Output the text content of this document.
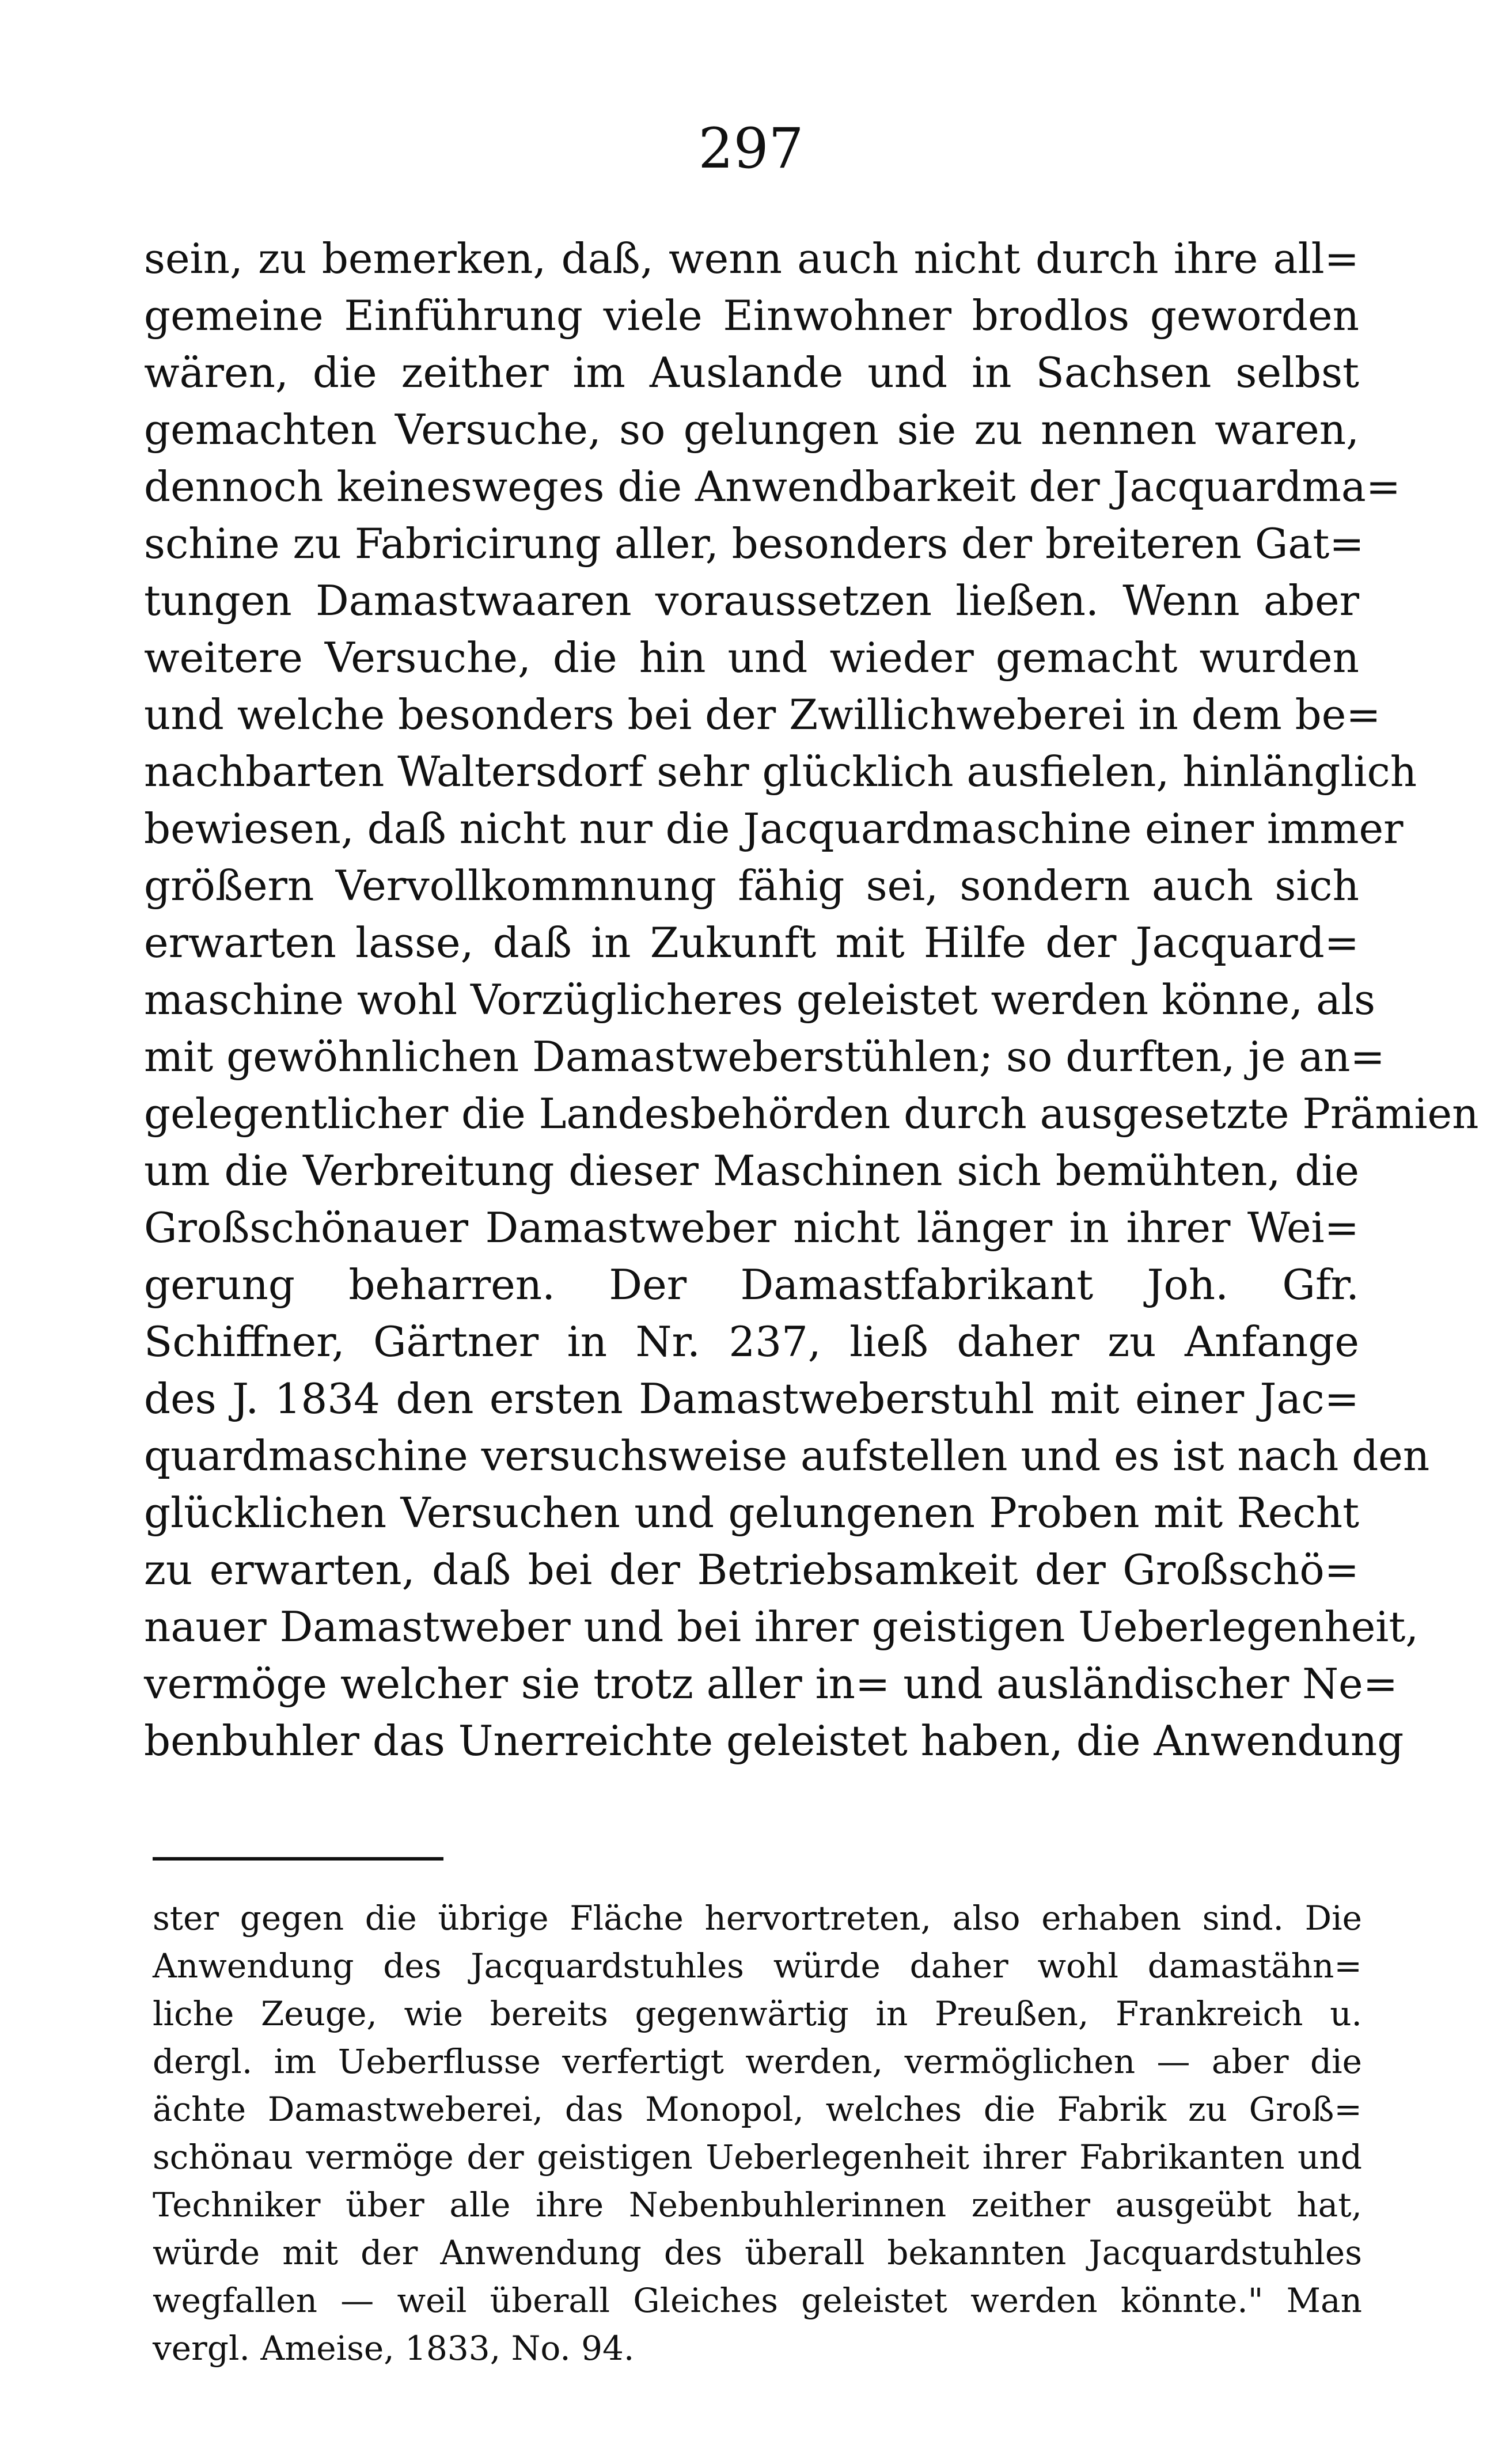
297
sein, zu bemerken, daß, wenn auch nicht durch ihre all=
gemeine Einführung viele Einwohner brodlos geworden
wären, die zeither im Auslande und in Sachsen selbst
gemachten Versuche, so gelungen sie zu nennen waren,
dennoch keinesweges die Anwendbarkeit der Jacquardma=
schine zu Fabricirung aller, besonders der breiteren Gat=
tungen Damastwaaren voraussetzen ließen. Wenn aber
weitere Versuche, die hin und wieder gemacht wurden
und welche besonders bei der Zwillichweberei in dem be=
nachbarten Waltersdorf sehr glücklich ausfielen, hinlänglich
bewiesen, daß nicht nur die Jacquardmaschine einer immer
größern Vervollkommnung fähig sei, sondern auch sich
erwarten lasse, daß in Zukunft mit Hilfe der Jacquard=
maschine wohl Vorzüglicheres geleistet werden könne, als
mit gewöhnlichen Damastweberstühlen; so durften, je an=
gelegentlicher die Landesbehörden durch ausgesetzte Prämien
um die Verbreitung dieser Maschinen sich bemühten, die
Großschönauer Damastweber nicht länger in ihrer Wei=
gerung beharren. Der Damastfabrikant Joh. Gfr.
Schiffner, Gärtner in Nr. 237, ließ daher zu Anfange
des J. 1834 den ersten Damastweberstuhl mit einer Jac=
quardmaschine versuchsweise aufstellen und es ist nach den
glücklichen Versuchen und gelungenen Proben mit Recht
zu erwarten, daß bei der Betriebsamkeit der Großschö=
nauer Damastweber und bei ihrer geistigen Ueberlegenheit,
vermöge welcher sie trotz aller in= und ausländischer Ne=
benbuhler das Unerreichte geleistet haben, die Anwendung
ster gegen die übrige Fläche hervortreten, also erhaben sind. Die
Anwendung des Jacquardstuhles würde daher wohl damastähn=
liche Zeuge, wie bereits gegenwärtig in Preußen, Frankreich u.
dergl. im Ueberflusse verfertigt werden, vermöglichen — aber die
ächte Damastweberei, das Monopol, welches die Fabrik zu Groß=
schönau vermöge der geistigen Ueberlegenheit ihrer Fabrikanten und
Techniker über alle ihre Nebenbuhlerinnen zeither ausgeübt hat,
würde mit der Anwendung des überall bekannten Jacquardstuhles
wegfallen — weil überall Gleiches geleistet werden könnte." Man
vergl. Ameise, 1833, No. 94.
